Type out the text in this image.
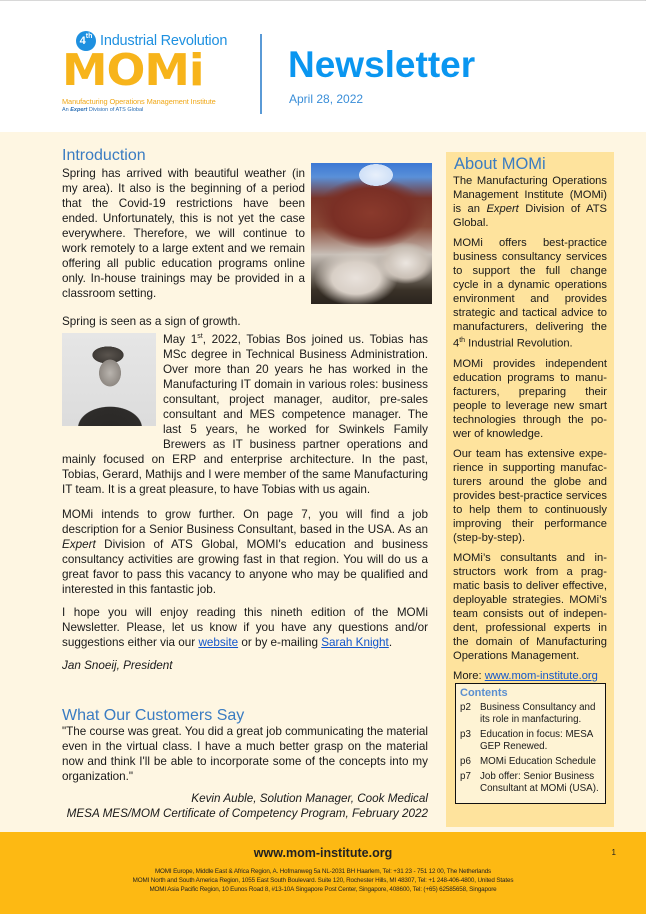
4th Industrial Revolution
MOMi
Manufacturing Operations Management Institute
An Expert Division of ATS Global
Newsletter
April 28, 2022
Introduction
Spring has arrived with beautiful weather (in my area). It also is the beginning of a period that the Covid-19 restrictions have been ended. Unfortunately, this is not yet the case everywhere. Therefore, we will continue to work remotely to a large extent and we remain offering all public education programs online only. In-house trainings may be provided in a classroom setting.
Spring is seen as a sign of growth.

May 1st, 2022, Tobias Bos joined us. Tobias has MSc degree in Technical Business Administration. Over more than 20 years he has worked in the Manufacturing IT domain in various roles: business consultant, project manager, auditor, pre-sales consultant and MES competence manager. The last 5 years, he worked for Swinkels Family Brewers as IT business partner operations and mainly focused on ERP and enterprise architecture. In the past, Tobias, Gerard, Mathijs and I were member of the same Manufacturing IT team. It is a great pleasure, to have Tobias with us again.

MOMi intends to grow further. On page 7, you will find a job description for a Senior Business Consultant, based in the USA. As an Expert Division of ATS Global, MOMI's education and business consultancy activities are growing fast in that region. You will do us a great favor to pass this vacancy to anyone who may be qualified and interested in this fantastic job.

I hope you will enjoy reading this nineth edition of the MOMi Newsletter. Please, let us know if you have any questions and/or suggestions either via our website or by e-mailing Sarah Knight.

Jan Snoeij, President

What Our Customers Say
"The course was great. You did a great job communicating the material even in the virtual class. I have a much better grasp on the material now and think I'll be able to incorporate some of the concepts into my organization."
Kevin Auble, Solution Manager, Cook Medical
MESA MES/MOM Certificate of Competency Program, February 2022
About MOMi

The Manufacturing Operations Management Institute (MOMi) is an Expert Division of ATS Global.

MOMi offers best-practice business consultancy services to support the full change cycle in a dynamic operations environment and provides strategic and tactical advice to manufacturers, delivering the 4th Industrial Revolution.

MOMi provides independent education programs to manufacturers, preparing their people to leverage new smart technologies through the power of knowledge.

Our team has extensive experience in supporting manufacturers around the globe and provides best-practice services to help them to continuously improving their performance (step-by-step).

MOMi’s consultants and instructors work from a pragmatic basis to deliver effective, deployable strategies. MOMi’s team consists out of independent, professional experts in the domain of Manufacturing Operations Management.

More: www.mom-institute.org

Contents
p2 Business Consultancy and its role in manfacturing.
p3 Education in focus: MESA GEP Renewed.
p6 MOMi Education Schedule
p7 Job offer: Senior Business Consultant at MOMi (USA).
www.mom-institute.org	1
MOMI Europe, Middle East & Africa Region, A. Hofmanweg 5a NL-2031 BH Haarlem, Tel: +31 23 - 751 12 00, The Netherlands
MOMI North and South America Region, 1055 East South Boulevard. Suite 120, Rochester Hills, MI 48307, Tel: +1 248-406-4800, United States
MOMI Asia Pacific Region, 10 Eunos Road 8, #13-10A Singapore Post Center, Singapore, 408600, Tel: (+65) 62585658, Singapore
